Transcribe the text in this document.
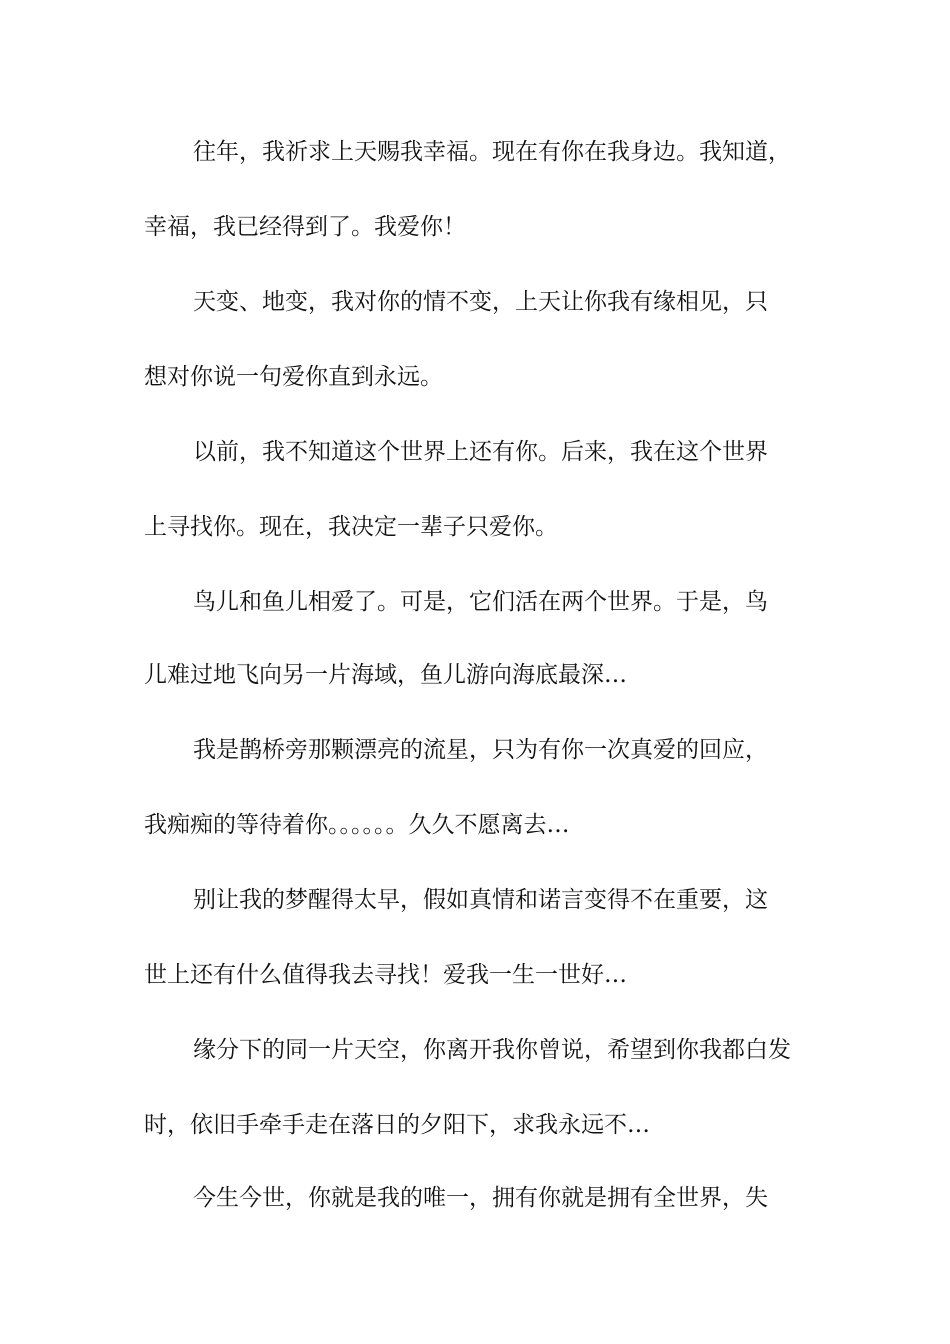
往年，我祈求上天赐我幸福。现在有你在我身边。我知道，
幸福，我已经得到了。我爱你！
天变、地变，我对你的情不变，上天让你我有缘相见，只
想对你说一句爱你直到永远。
以前，我不知道这个世界上还有你。后来，我在这个世界
上寻找你。现在，我决定一辈子只爱你。
鸟儿和鱼儿相爱了。可是，它们活在两个世界。于是，鸟
儿难过地飞向另一片海域，鱼儿游向海底最深…
我是鹊桥旁那颗漂亮的流星，只为有你一次真爱的回应，
我痴痴的等待着你。。。。。。久久不愿离去…
别让我的梦醒得太早，假如真情和诺言变得不在重要，这
世上还有什么值得我去寻找！爱我一生一世好…
缘分下的同一片天空，你离开我你曾说，希望到你我都白发
时，依旧手牵手走在落日的夕阳下，求我永远不…
今生今世，你就是我的唯一，拥有你就是拥有全世界，失
